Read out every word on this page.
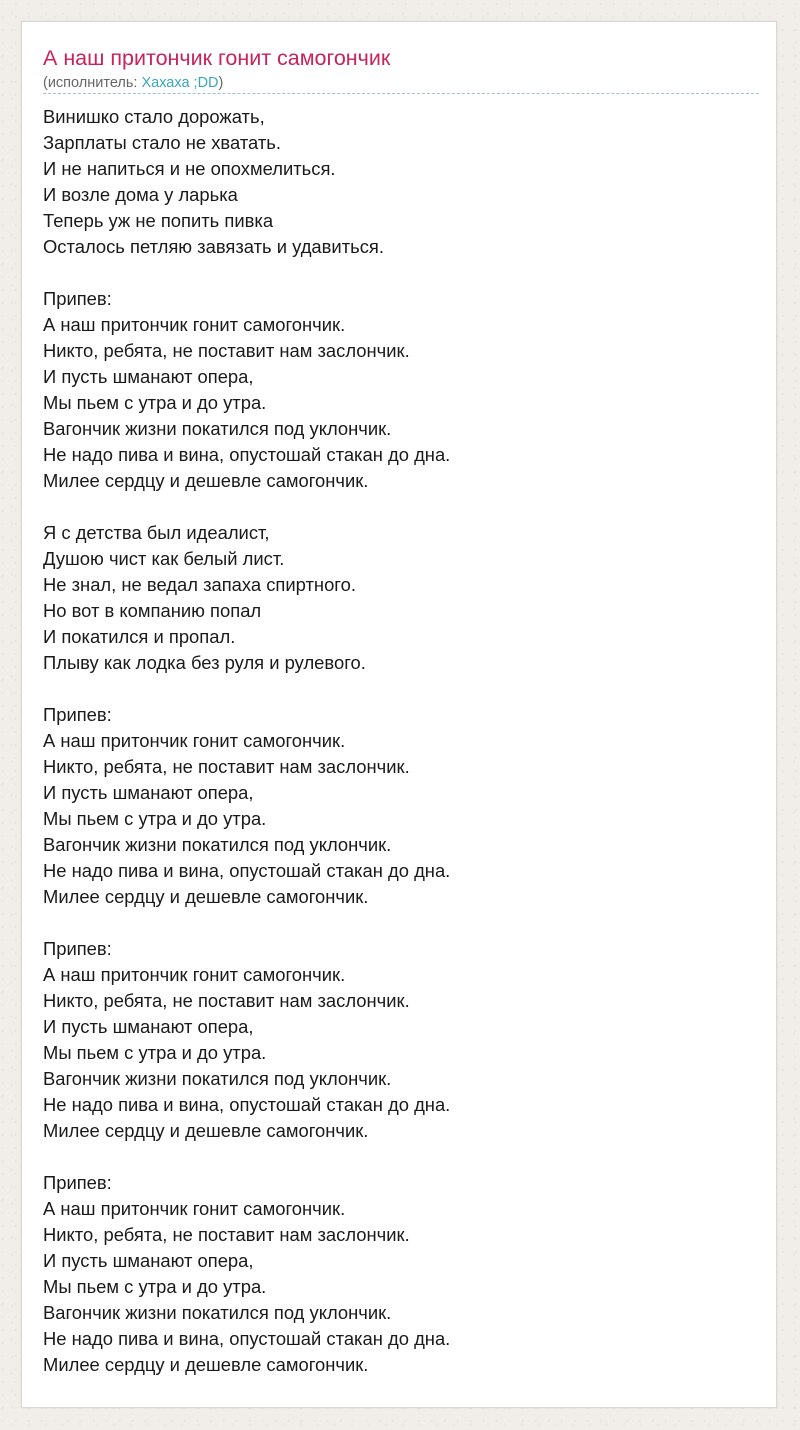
А наш притончик гонит самогончик
(исполнитель: Хахаха ;DD)
Винишко стало дорожать,
Зарплаты стало не хватать.
И не напиться и не опохмелиться.
И возле дома у ларька
Теперь уж не попить пивка
Осталось петляю завязать и удавиться.
Припев:
А наш притончик гонит самогончик.
Никто, ребята, не поставит нам заслончик.
И пусть шманают опера,
Мы пьем с утра и до утра.
Вагончик жизни покатился под уклончик.
Не надо пива и вина, опустошай стакан до дна.
Милее сердцу и дешевле самогончик.
Я с детства был идеалист,
Душою чист как белый лист.
Не знал, не ведал запаха спиртного.
Но вот в компанию попал
И покатился и пропал.
Плыву как лодка без руля и рулевого.
Припев:
А наш притончик гонит самогончик.
Никто, ребята, не поставит нам заслончик.
И пусть шманают опера,
Мы пьем с утра и до утра.
Вагончик жизни покатился под уклончик.
Не надо пива и вина, опустошай стакан до дна.
Милее сердцу и дешевле самогончик.
Припев:
А наш притончик гонит самогончик.
Никто, ребята, не поставит нам заслончик.
И пусть шманают опера,
Мы пьем с утра и до утра.
Вагончик жизни покатился под уклончик.
Не надо пива и вина, опустошай стакан до дна.
Милее сердцу и дешевле самогончик.
Припев:
А наш притончик гонит самогончик.
Никто, ребята, не поставит нам заслончик.
И пусть шманают опера,
Мы пьем с утра и до утра.
Вагончик жизни покатился под уклончик.
Не надо пива и вина, опустошай стакан до дна.
Милее сердцу и дешевле самогончик.
